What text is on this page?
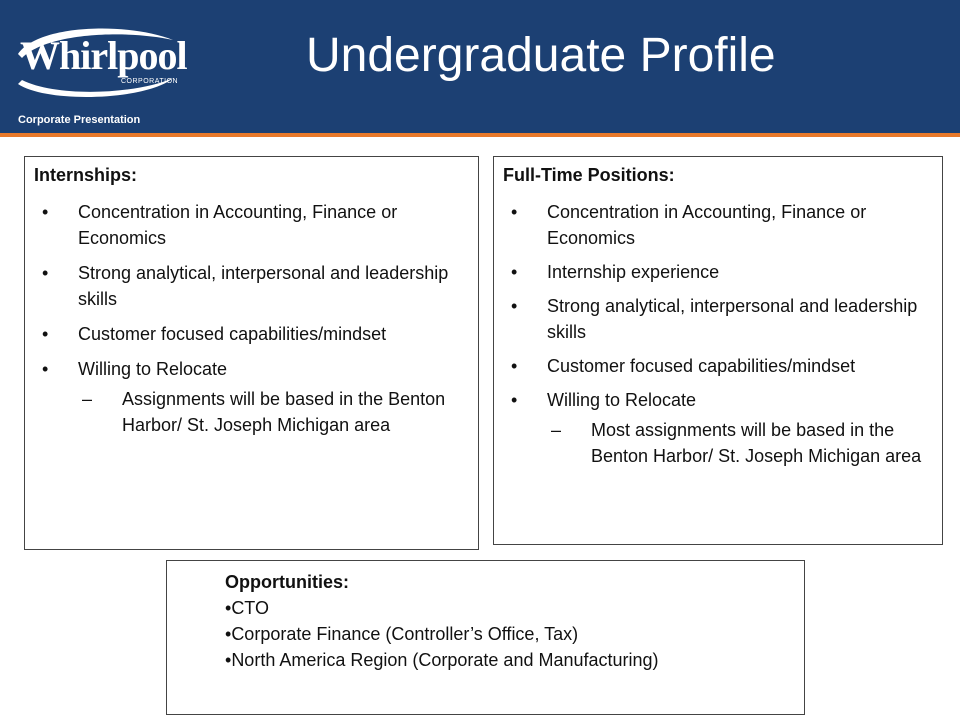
Whirlpool
CORPORATION
Corporate Presentation
Undergraduate Profile
Internships:
• Concentration in Accounting, Finance or Economics
• Strong analytical, interpersonal and leadership skills
• Customer focused capabilities/mindset
• Willing to Relocate
– Assignments will be based in the Benton Harbor/ St. Joseph Michigan area
Full-Time Positions:
• Concentration in Accounting, Finance or Economics
• Internship experience
• Strong analytical, interpersonal and leadership skills
• Customer focused capabilities/mindset
• Willing to Relocate
– Most assignments will be based in the Benton Harbor/ St. Joseph Michigan area
Opportunities:
•CTO
•Corporate Finance (Controller’s Office, Tax)
•North America Region (Corporate and Manufacturing)
